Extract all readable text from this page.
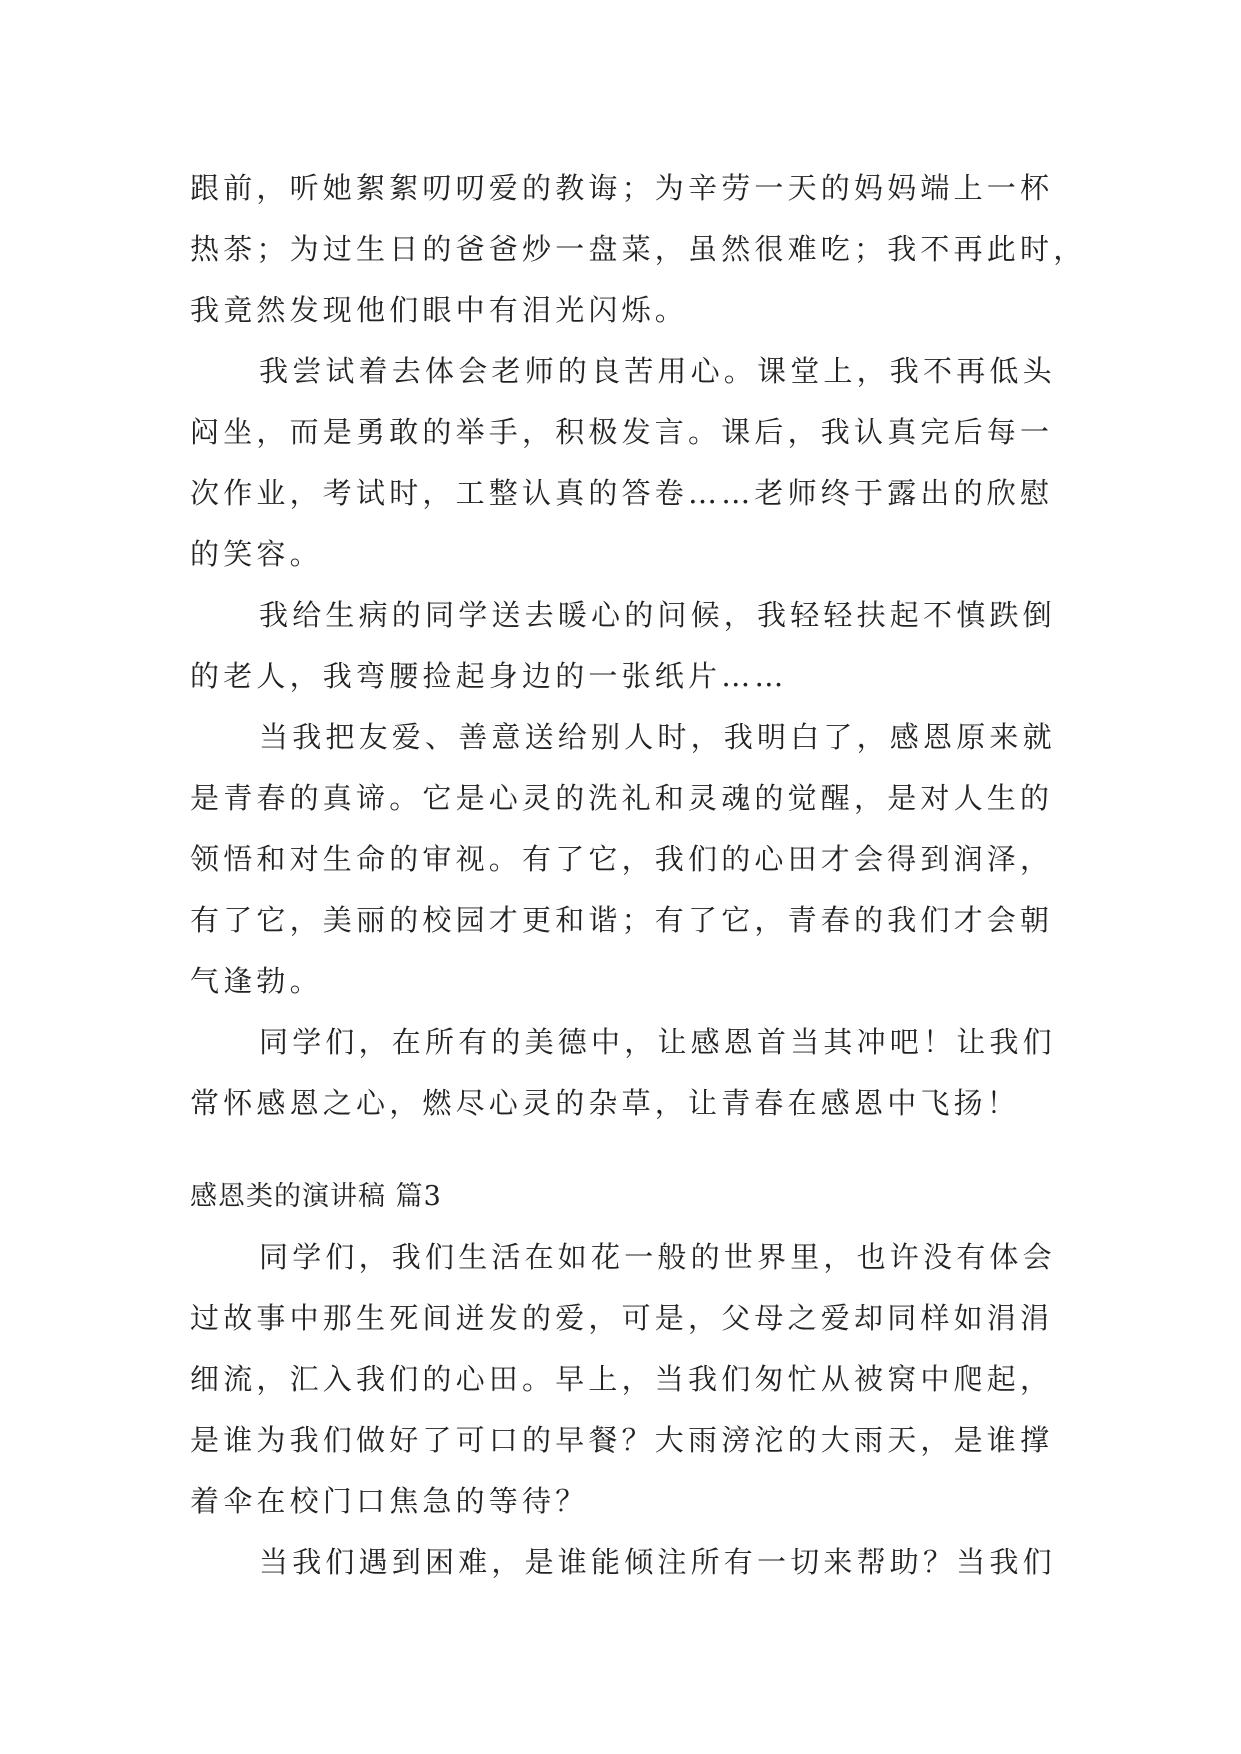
跟前，听她絮絮叨叨爱的教诲；为辛劳一天的妈妈端上一杯
热茶；为过生日的爸爸炒一盘菜，虽然很难吃；我不再此时，
我竟然发现他们眼中有泪光闪烁。
我尝试着去体会老师的良苦用心。课堂上，我不再低头
闷坐，而是勇敢的举手，积极发言。课后，我认真完后每一
次作业，考试时，工整认真的答卷……老师终于露出的欣慰
的笑容。
我给生病的同学送去暖心的问候，我轻轻扶起不慎跌倒
的老人，我弯腰捡起身边的一张纸片……
当我把友爱、善意送给别人时，我明白了，感恩原来就
是青春的真谛。它是心灵的洗礼和灵魂的觉醒，是对人生的
领悟和对生命的审视。有了它，我们的心田才会得到润泽，
有了它，美丽的校园才更和谐；有了它，青春的我们才会朝
气逢勃。
同学们，在所有的美德中，让感恩首当其冲吧！让我们
常怀感恩之心，燃尽心灵的杂草，让青春在感恩中飞扬！
感恩类的演讲稿 篇3
同学们，我们生活在如花一般的世界里，也许没有体会
过故事中那生死间迸发的爱，可是，父母之爱却同样如涓涓
细流，汇入我们的心田。早上，当我们匆忙从被窝中爬起，
是谁为我们做好了可口的早餐？大雨滂沱的大雨天，是谁撑
着伞在校门口焦急的等待？
当我们遇到困难，是谁能倾注所有一切来帮助？当我们
